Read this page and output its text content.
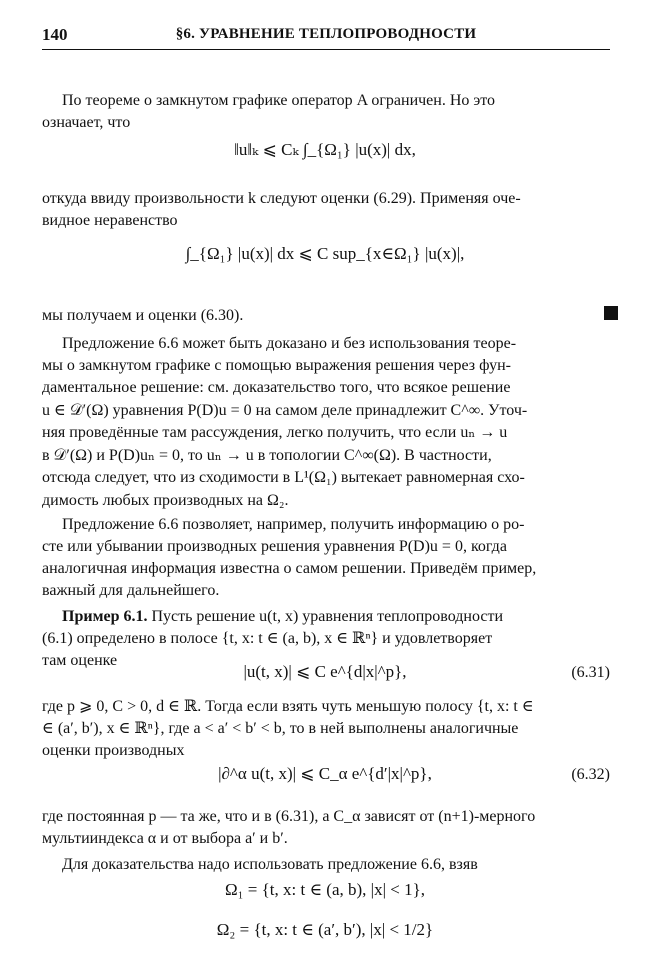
140	§6. УРАВНЕНИЕ ТЕПЛОПРОВОДНОСТИ
По теореме о замкнутом графике оператор A ограничен. Но это
означает, что
откуда ввиду произвольности k следуют оценки (6.29). Применяя оче-
видное неравенство
мы получаем и оценки (6.30).
Предложение 6.6 может быть доказано и без использования теоре-
мы о замкнутом графике с помощью выражения решения через фун-
даментальное решение: см. доказательство того, что всякое решение
u ∈ 𝒟′(Ω) уравнения P(D)u = 0 на самом деле принадлежит C^∞. Уточ-
няя проведённые там рассуждения, легко получить, что если uₙ → u
в 𝒟′(Ω) и P(D)uₙ = 0, то uₙ → u в топологии C^∞(Ω). В частности,
отсюда следует, что из сходимости в L¹(Ω₁) вытекает равномерная схо-
димость любых производных на Ω₂.
Предложение 6.6 позволяет, например, получить информацию о ро-
сте или убывании производных решения уравнения P(D)u = 0, когда
аналогичная информация известна о самом решении. Приведём пример,
важный для дальнейшего.
Пример 6.1. Пусть решение u(t, x) уравнения теплопроводности
(6.1) определено в полосе {t, x: t ∈ (a, b), x ∈ ℝⁿ} и удовлетворяет
там оценке
где p ⩾ 0, C > 0, d ∈ ℝ. Тогда если взять чуть меньшую полосу {t, x: t ∈
∈ (a′, b′), x ∈ ℝⁿ}, где a < a′ < b′ < b, то в ней выполнены аналогичные
оценки производных
где постоянная p — та же, что и в (6.31), а C_α зависят от (n+1)-мерного
мультииндекса α и от выбора a′ и b′.
Для доказательства надо использовать предложение 6.6, взяв
‖u‖ₖ ⩽ Cₖ ∫_{Ω₁} |u(x)| dx,
∫_{Ω₁} |u(x)| dx ⩽ C sup_{x∈Ω₁} |u(x)|,
|u(t, x)| ⩽ C e^{d|x|^p},	(6.31)
|∂^α u(t, x)| ⩽ C_α e^{d′|x|^p},	(6.32)
Ω₁ = {t, x: t ∈ (a, b), |x| < 1},
Ω₂ = {t, x: t ∈ (a′, b′), |x| < 1/2}
